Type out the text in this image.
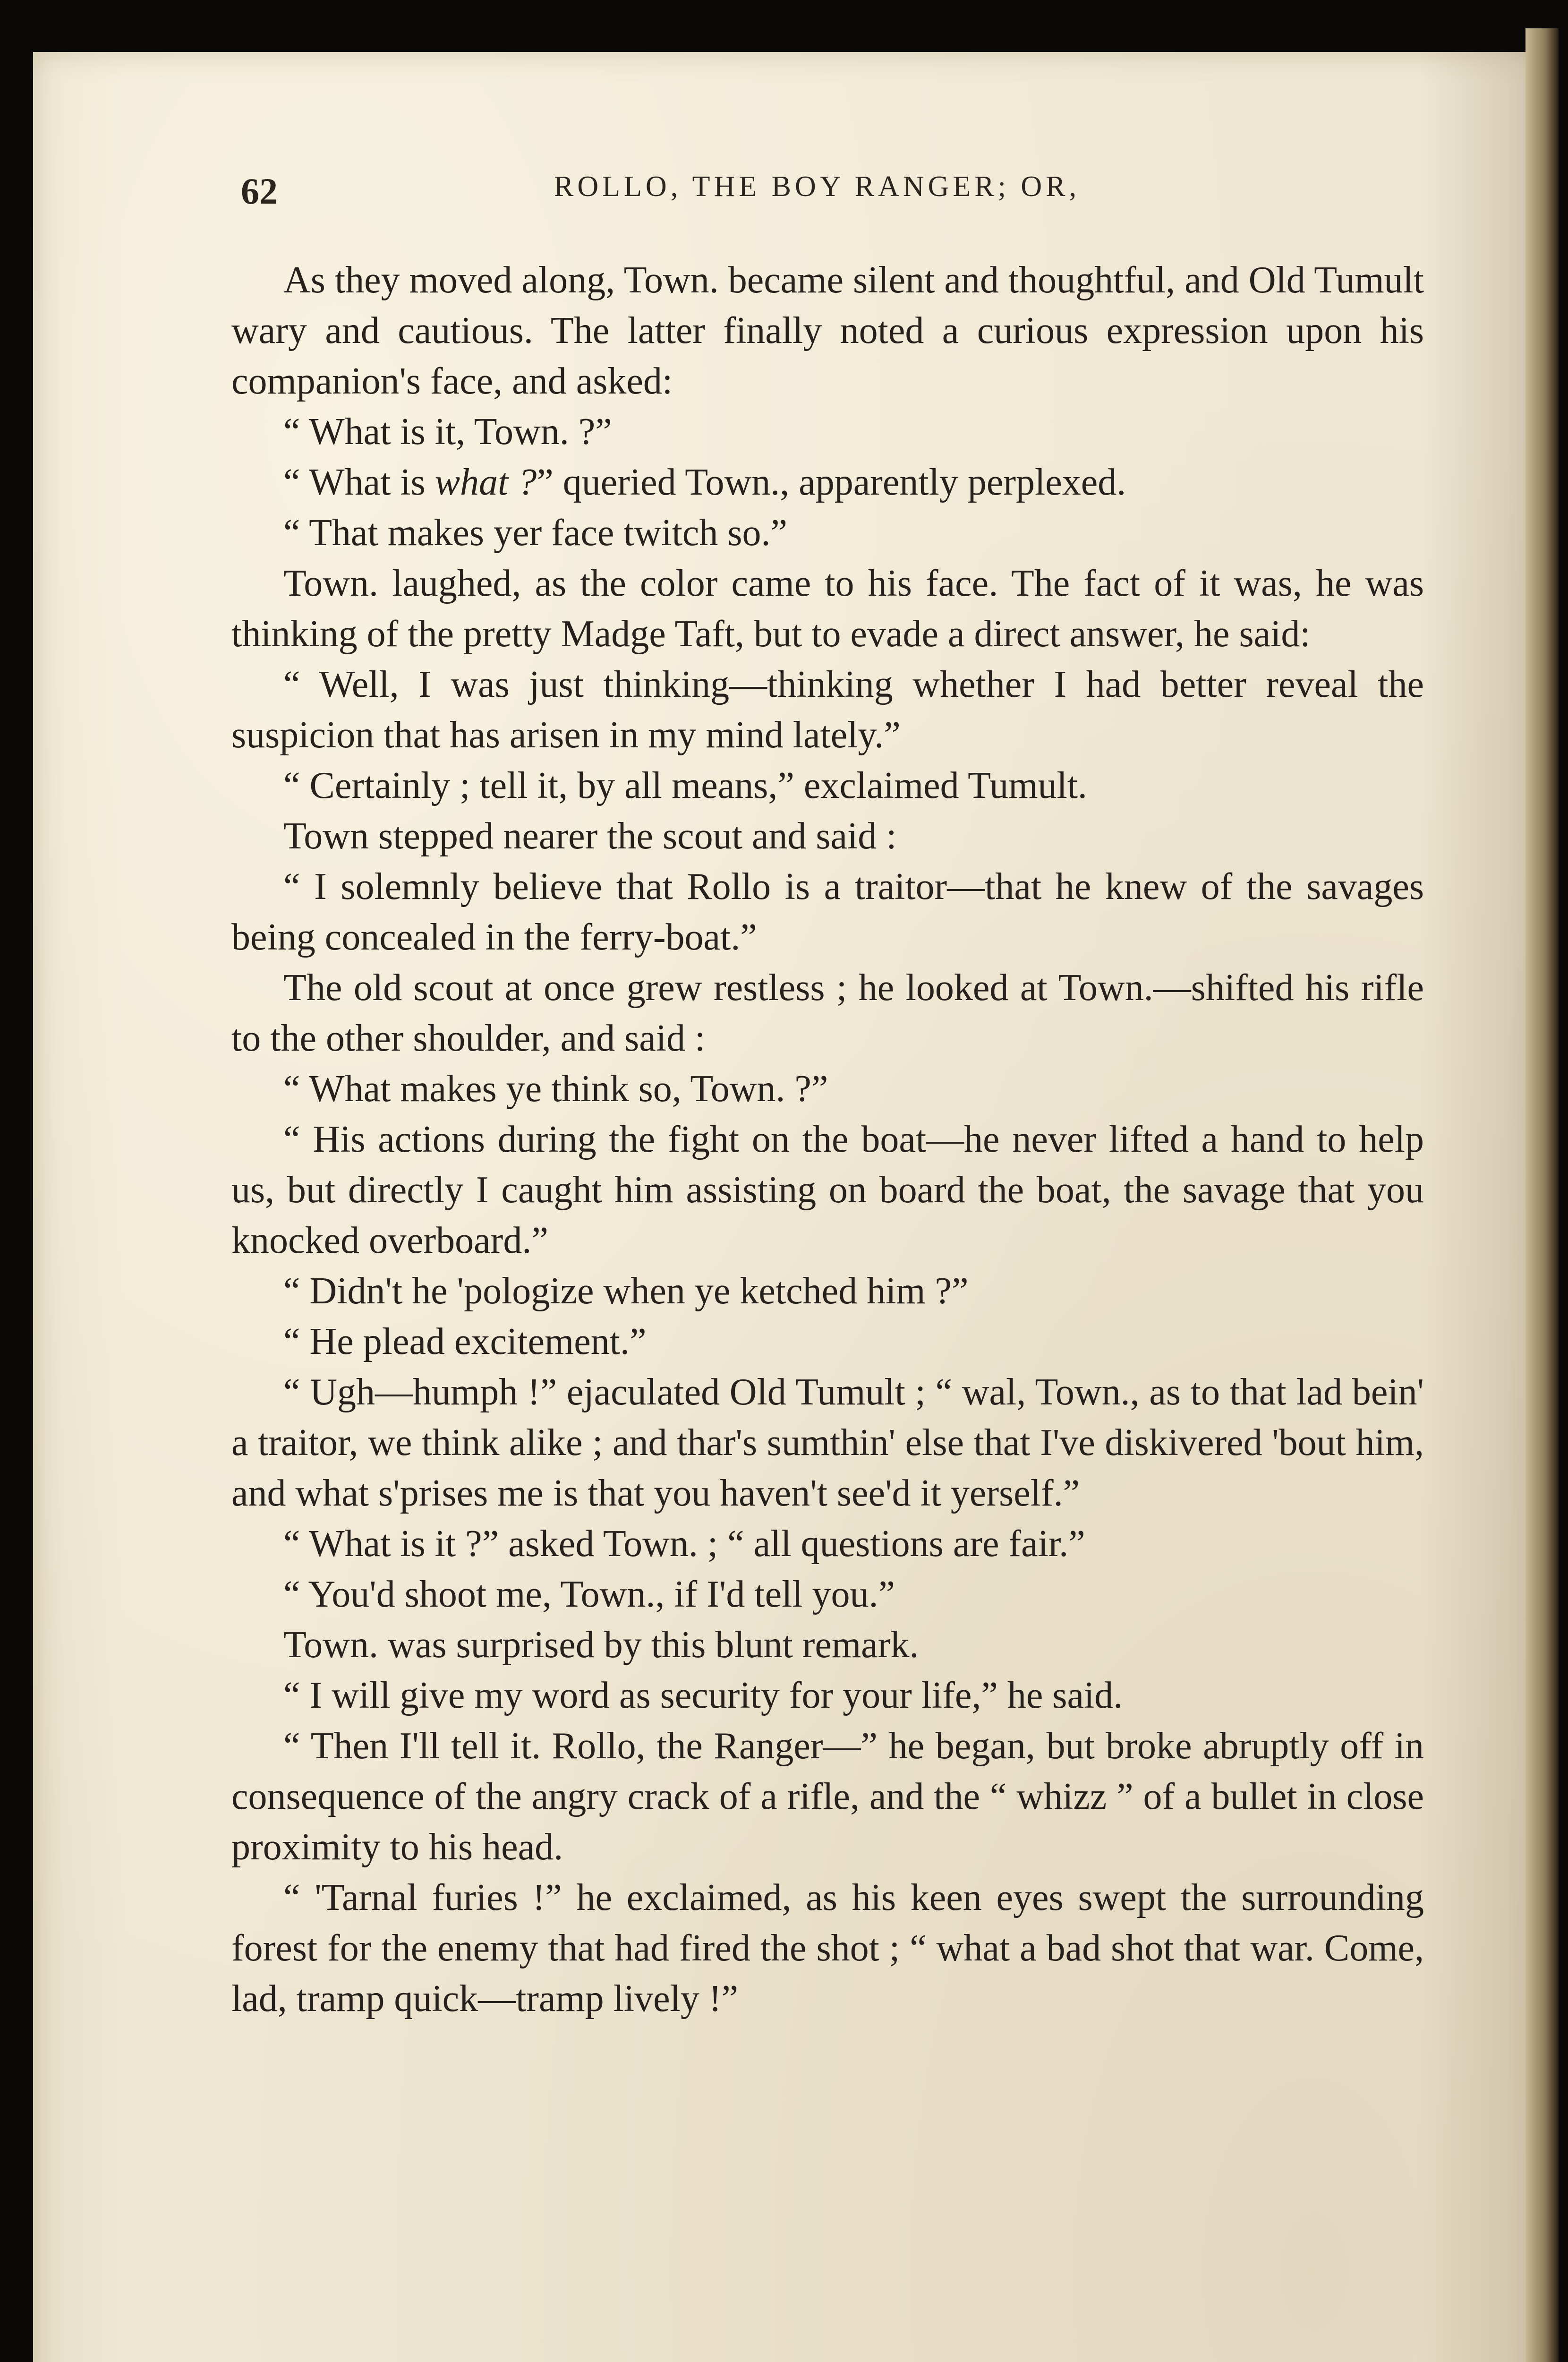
62	ROLLO, THE BOY RANGER; OR,

As they moved along, Town. became silent and thoughtful, and Old Tumult wary and cautious. The latter finally noted a curious expression upon his companion's face, and asked:

“ What is it, Town. ?”

“ What is what ?” queried Town., apparently perplexed.

“ That makes yer face twitch so.”

Town. laughed, as the color came to his face. The fact of it was, he was thinking of the pretty Madge Taft, but to evade a direct answer, he said:

“ Well, I was just thinking—thinking whether I had better reveal the suspicion that has arisen in my mind lately.”

“ Certainly ; tell it, by all means,” exclaimed Tumult.

Town stepped nearer the scout and said :

“ I solemnly believe that Rollo is a traitor—that he knew of the savages being concealed in the ferry-boat.”

The old scout at once grew restless ; he looked at Town.—shifted his rifle to the other shoulder, and said :

“ What makes ye think so, Town. ?”

“ His actions during the fight on the boat—he never lifted a hand to help us, but directly I caught him assisting on board the boat, the savage that you knocked overboard.”

“ Didn't he 'pologize when ye ketched him ?”

“ He plead excitement.”

“ Ugh—humph !” ejaculated Old Tumult ; “ wal, Town., as to that lad bein' a traitor, we think alike ; and thar's sumthin' else that I've diskivered 'bout him, and what s'prises me is that you haven't see'd it yerself.”

“ What is it ?” asked Town. ; “ all questions are fair.”

“ You'd shoot me, Town., if I'd tell you.”

Town. was surprised by this blunt remark.

“ I will give my word as security for your life,” he said.

“ Then I'll tell it. Rollo, the Ranger—” he began, but broke abruptly off in consequence of the angry crack of a rifle, and the “ whizz ” of a bullet in close proximity to his head.

“ 'Tarnal furies !” he exclaimed, as his keen eyes swept the surrounding forest for the enemy that had fired the shot ; “ what a bad shot that war. Come, lad, tramp quick—tramp lively !”
